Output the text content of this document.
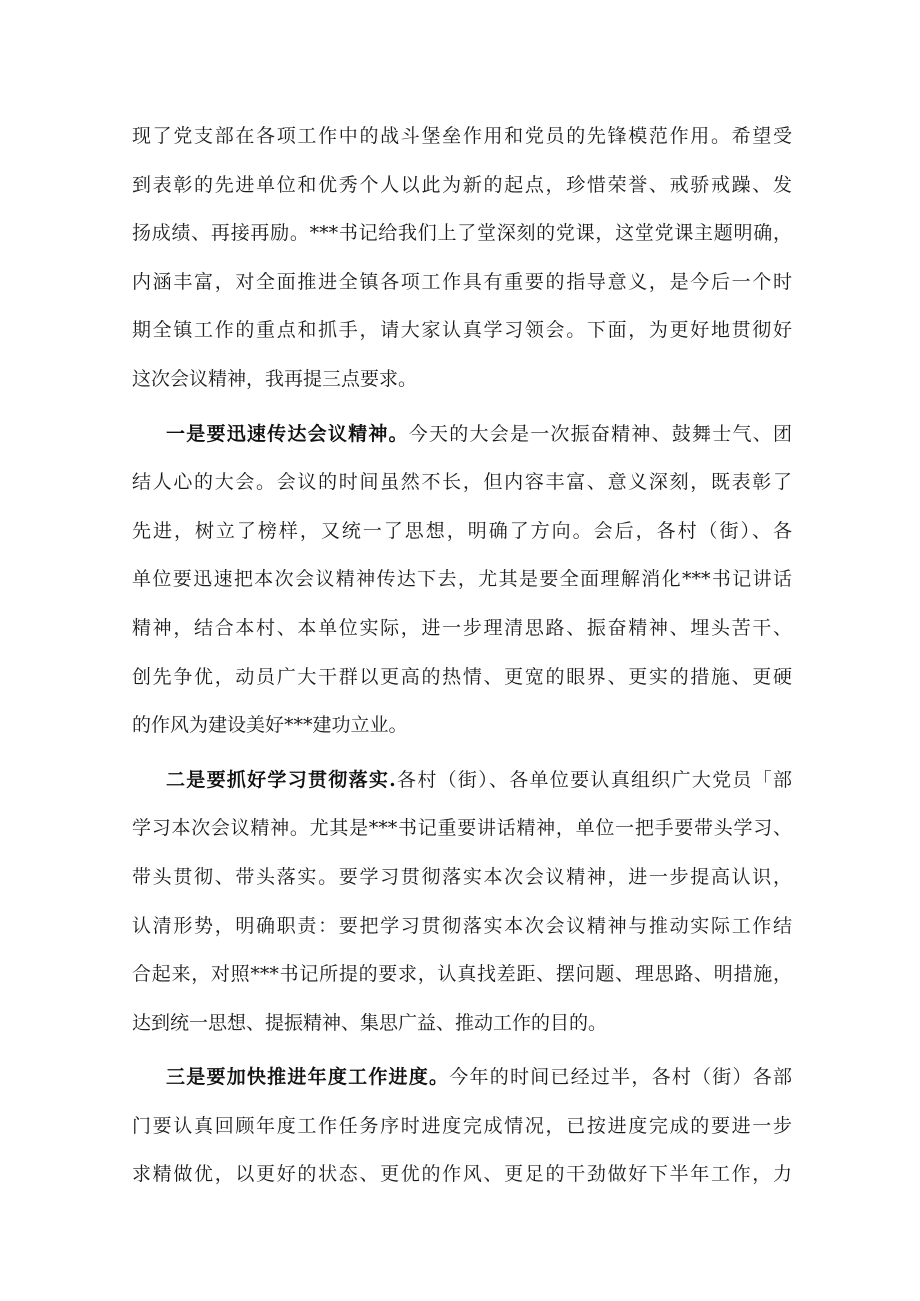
现了党支部在各项工作中的战斗堡垒作用和党员的先锋模范作用。希望受
到表彰的先进单位和优秀个人以此为新的起点，珍惜荣誉、戒骄戒躁、发
扬成绩、再接再励。***书记给我们上了堂深刻的党课，这堂党课主题明确，
内涵丰富，对全面推进全镇各项工作具有重要的指导意义，是今后一个时
期全镇工作的重点和抓手，请大家认真学习领会。下面，为更好地贯彻好
这次会议精神，我再提三点要求。
一是要迅速传达会议精神。今天的大会是一次振奋精神、鼓舞士气、团
结人心的大会。会议的时间虽然不长，但内容丰富、意义深刻，既表彰了
先进，树立了榜样，又统一了思想，明确了方向。会后，各村（街）、各
单位要迅速把本次会议精神传达下去，尤其是要全面理解消化***书记讲话
精神，结合本村、本单位实际，进一步理清思路、振奋精神、埋头苦干、
创先争优，动员广大干群以更高的热情、更宽的眼界、更实的措施、更硬
的作风为建设美好***建功立业。
二是要抓好学习贯彻落实.各村（街）、各单位要认真组织广大党员「部
学习本次会议精神。尤其是***书记重要讲话精神，单位一把手要带头学习、
带头贯彻、带头落实。要学习贯彻落实本次会议精神，进一步提高认识，
认清形势，明确职责：要把学习贯彻落实本次会议精神与推动实际工作结
合起来，对照***书记所提的要求，认真找差距、摆问题、理思路、明措施，
达到统一思想、提振精神、集思广益、推动工作的目的。
三是要加快推进年度工作进度。今年的时间已经过半，各村（街）各部
门要认真回顾年度工作任务序时进度完成情况，已按进度完成的要进一步
求精做优，以更好的状态、更优的作风、更足的干劲做好下半年工作，力
